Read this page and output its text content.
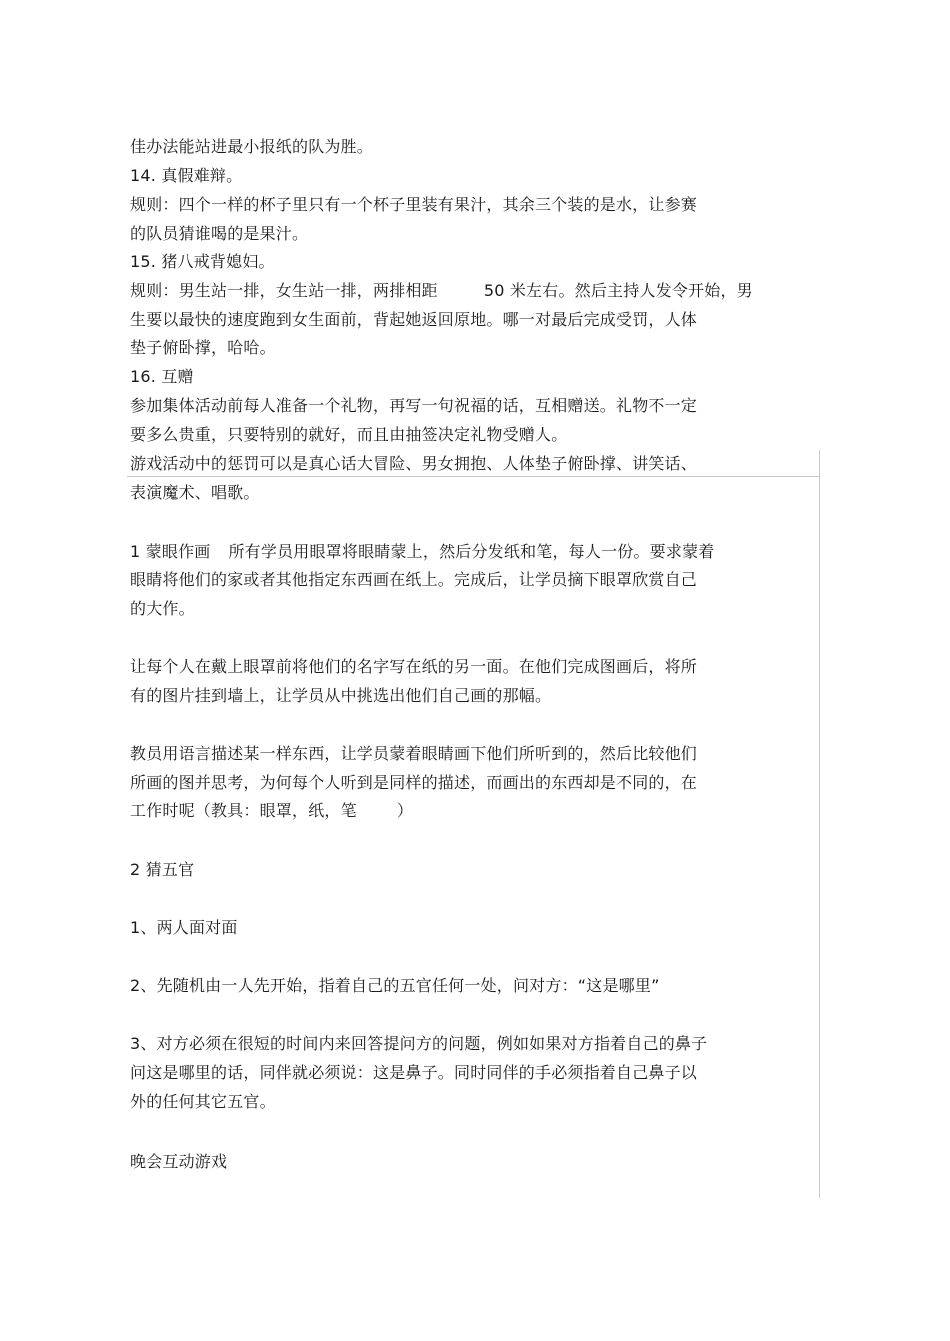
佳办法能站进最小报纸的队为胜。
14. 真假难辩。
规则：四个一样的杯子里只有一个杯子里装有果汁，其余三个装的是水，让参赛
的队员猜谁喝的是果汁。
15. 猪八戒背媳妇。
规则：男生站一排，女生站一排，两排相距	50 米左右。然后主持人发令开始，男
生要以最快的速度跑到女生面前，背起她返回原地。哪一对最后完成受罚，人体
垫子俯卧撑，哈哈。
16. 互赠
参加集体活动前每人准备一个礼物，再写一句祝福的话，互相赠送。礼物不一定
要多么贵重，只要特别的就好，而且由抽签决定礼物受赠人。
游戏活动中的惩罚可以是真心话大冒险、男女拥抱、人体垫子俯卧撑、讲笑话、
表演魔术、唱歌。
1 蒙眼作画 所有学员用眼罩将眼睛蒙上，然后分发纸和笔，每人一份。要求蒙着
眼睛将他们的家或者其他指定东西画在纸上。完成后，让学员摘下眼罩欣赏自己
的大作。
让每个人在戴上眼罩前将他们的名字写在纸的另一面。在他们完成图画后，将所
有的图片挂到墙上，让学员从中挑选出他们自己画的那幅。
教员用语言描述某一样东西，让学员蒙着眼睛画下他们所听到的，然后比较他们
所画的图并思考，为何每个人听到是同样的描述，而画出的东西却是不同的，在
工作时呢（教具：眼罩，纸，笔	）
2 猜五官
1、两人面对面
2、先随机由一人先开始，指着自己的五官任何一处，问对方：“这是哪里”
3、对方必须在很短的时间内来回答提问方的问题，例如如果对方指着自己的鼻子
问这是哪里的话，同伴就必须说：这是鼻子。同时同伴的手必须指着自己鼻子以
外的任何其它五官。
晚会互动游戏
